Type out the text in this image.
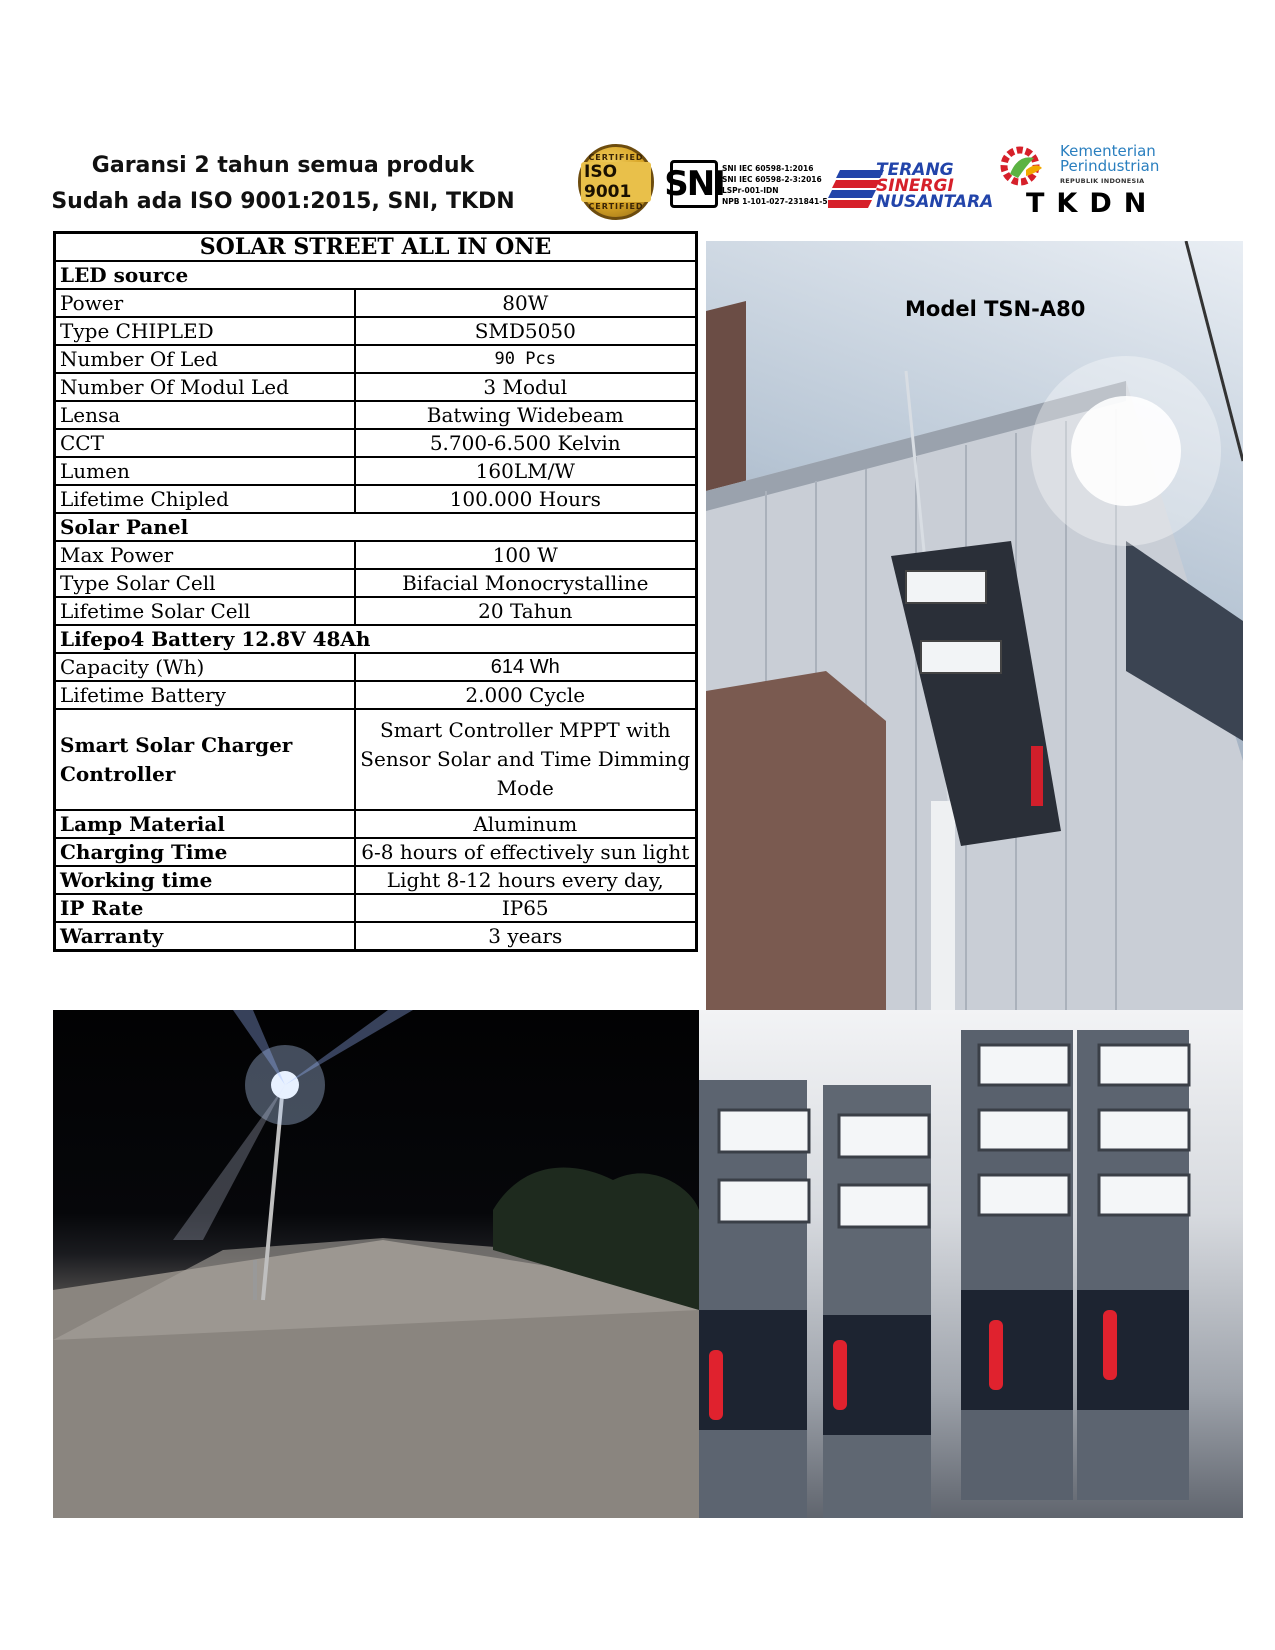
Garansi 2 tahun semua produk
Sudah ada ISO 9001:2015, SNI, TKDN
CERTIFIED
ISO 9001
CERTIFIED
SNI
SNI IEC 60598-1:2016
SNI IEC 60598-2-3:2016
LSPr-001-IDN
NPB 1-101-027-231841-5
TERANG
SINERGI
NUSANTARA
Kementerian
Perindustrian
REPUBLIK INDONESIA
TKDN
SOLAR STREET ALL IN ONE	
LED source	
Power	80W
Type CHIPLED	SMD5050
Number Of Led	90 Pcs
Number Of Modul Led	3 Modul
Lensa	Batwing Widebeam
CCT	5.700-6.500 Kelvin
Lumen	160LM/W
Lifetime Chipled	100.000 Hours
Solar Panel	
Max Power	100 W
Type Solar Cell	Bifacial Monocrystalline
Lifetime Solar Cell	20 Tahun
Lifepo4 Battery 12.8V 48Ah	
Capacity (Wh)	614 Wh
Lifetime Battery	2.000 Cycle
Smart Solar Charger Controller	Smart Controller MPPT with Sensor Solar and Time Dimming Mode
Lamp Material	Aluminum
Charging Time	6-8 hours of effectively sun light
Working time	Light 8-12 hours every day,
IP Rate	IP65
Warranty	3 years
Model TSN-A80
